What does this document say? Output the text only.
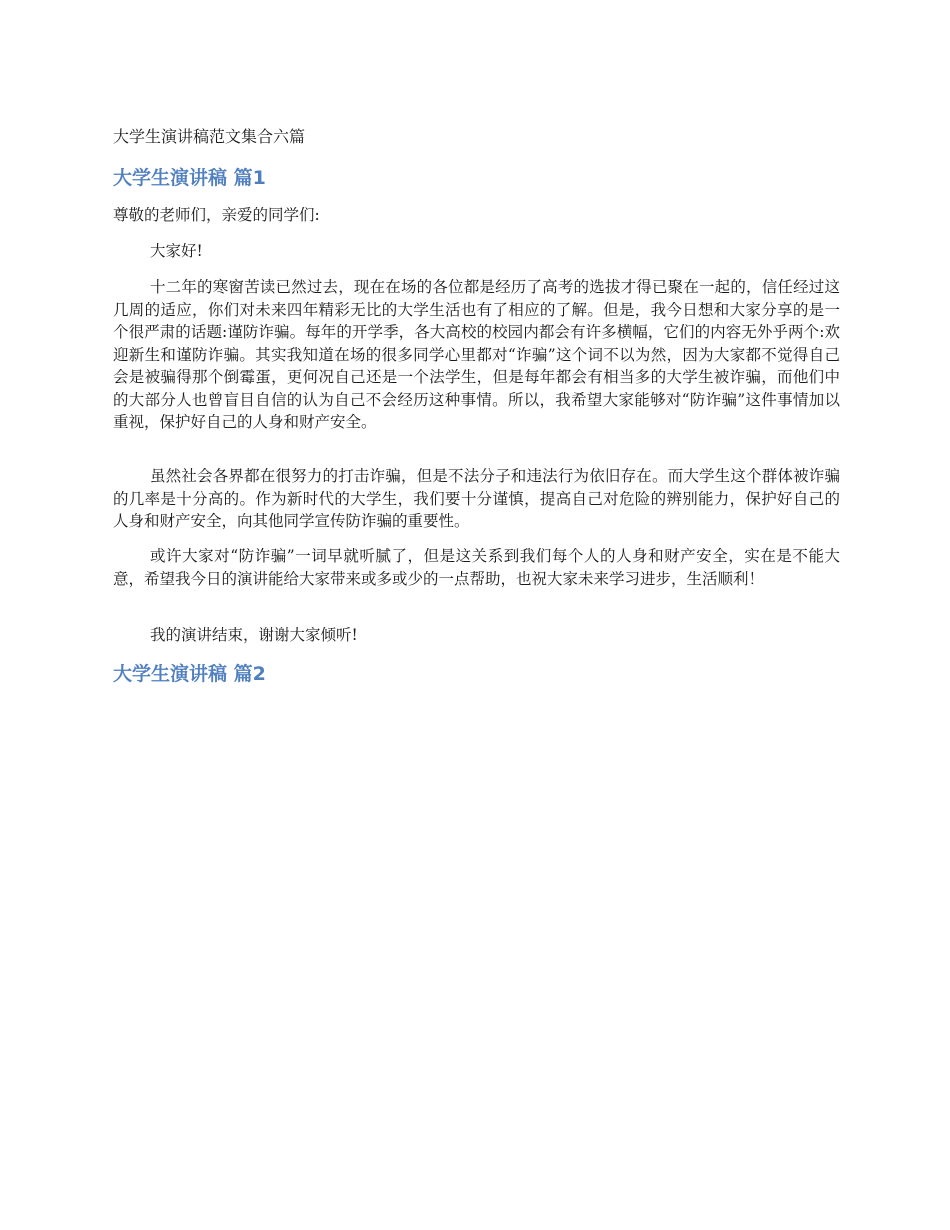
大学生演讲稿范文集合六篇
大学生演讲稿 篇1

尊敬的老师们，亲爱的同学们:

大家好!

十二年的寒窗苦读已然过去，现在在场的各位都是经历了高考的选拔才得已聚在一起的，信任经过这几周的适应，你们对未来四年精彩无比的大学生活也有了相应的了解。但是，我今日想和大家分享的是一个很严肃的话题:谨防诈骗。每年的开学季，各大高校的校园内都会有许多横幅，它们的内容无外乎两个:欢迎新生和谨防诈骗。其实我知道在场的很多同学心里都对“诈骗”这个词不以为然，因为大家都不觉得自己会是被骗得那个倒霉蛋，更何况自己还是一个法学生，但是每年都会有相当多的大学生被诈骗，而他们中的大部分人也曾盲目自信的认为自己不会经历这种事情。所以，我希望大家能够对“防诈骗”这件事情加以重视，保护好自己的人身和财产安全。

虽然社会各界都在很努力的打击诈骗，但是不法分子和违法行为依旧存在。而大学生这个群体被诈骗的几率是十分高的。作为新时代的大学生，我们要十分谨慎，提高自己对危险的辨别能力，保护好自己的人身和财产安全，向其他同学宣传防诈骗的重要性。

或许大家对“防诈骗”一词早就听腻了，但是这关系到我们每个人的人身和财产安全，实在是不能大意，希望我今日的演讲能给大家带来或多或少的一点帮助，也祝大家未来学习进步，生活顺利！

我的演讲结束，谢谢大家倾听!

大学生演讲稿 篇2
